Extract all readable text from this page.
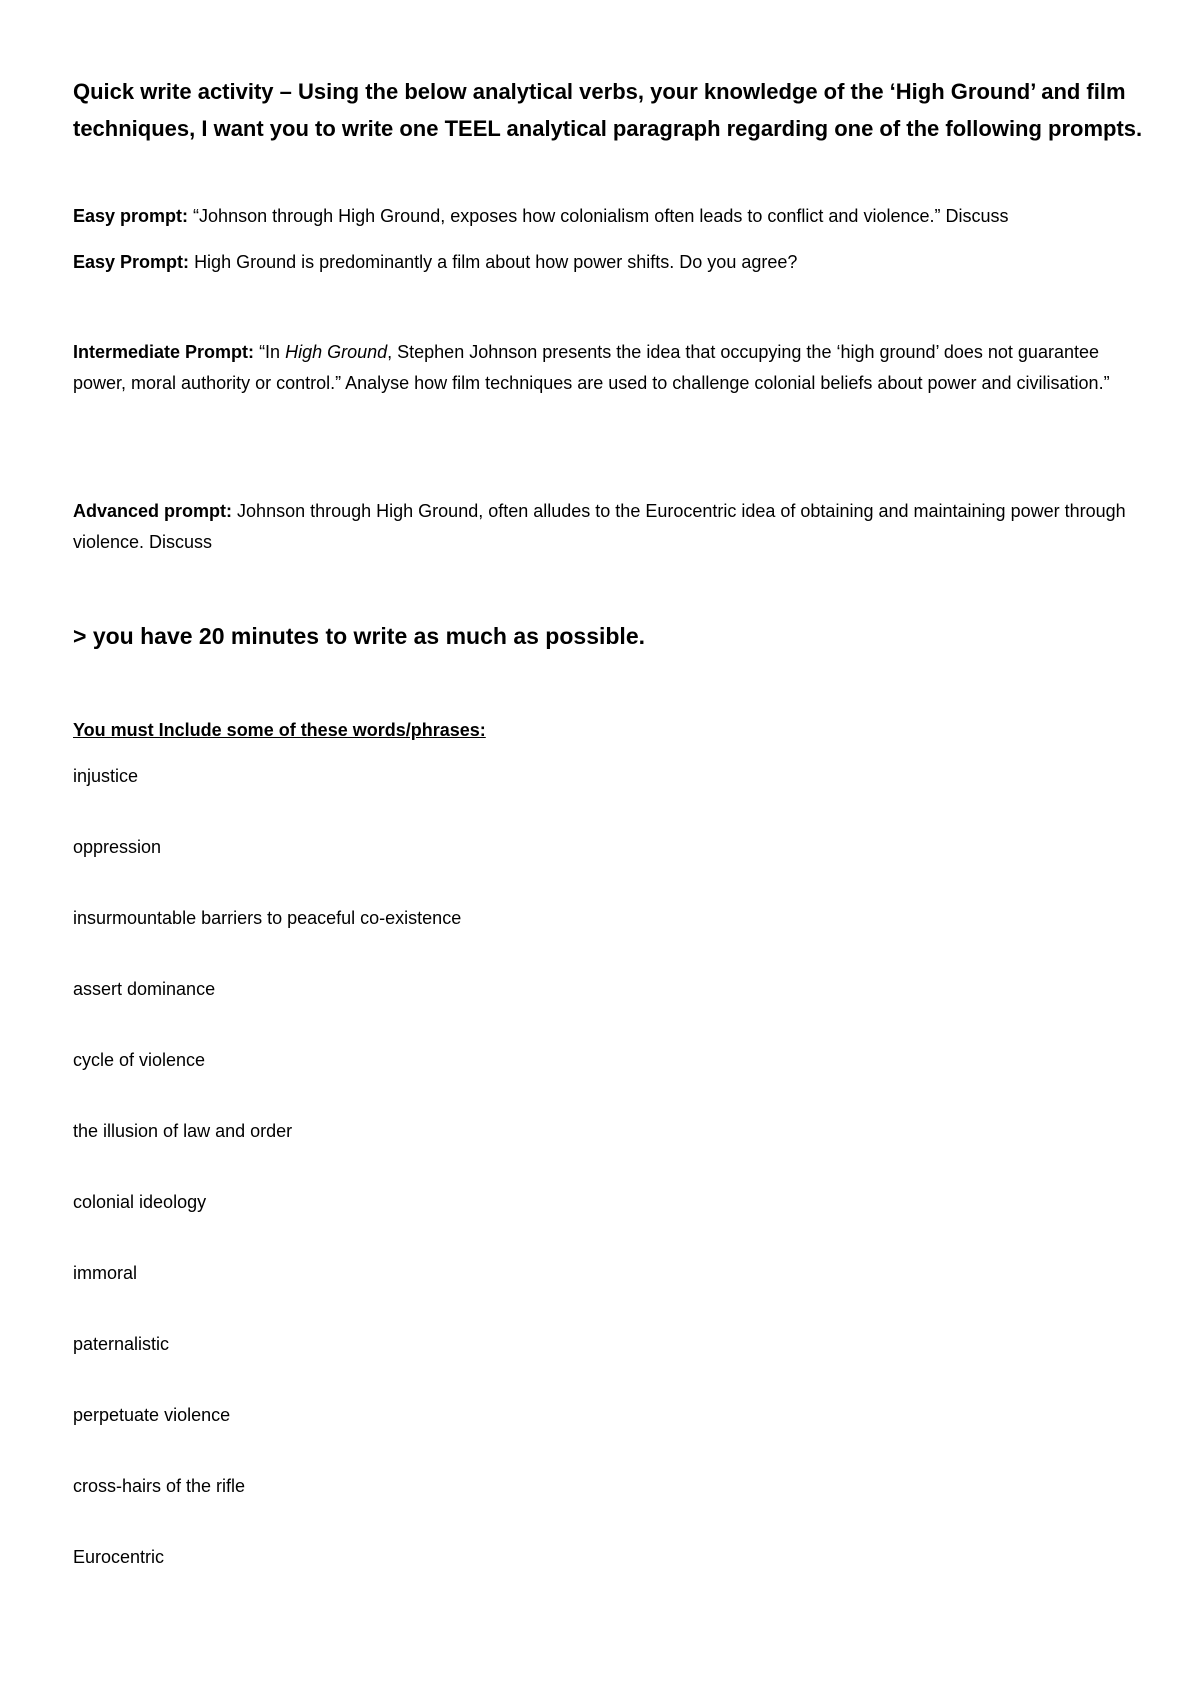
Quick write activity – Using the below analytical verbs, your knowledge of the ‘High Ground’ and film techniques, I want you to write one TEEL analytical paragraph regarding one of the following prompts.

Easy prompt: “Johnson through High Ground, exposes how colonialism often leads to conflict and violence.” Discuss

Easy Prompt: High Ground is predominantly a film about how power shifts. Do you agree?

Intermediate Prompt: “In High Ground, Stephen Johnson presents the idea that occupying the ‘high ground’ does not guarantee power, moral authority or control.” Analyse how film techniques are used to challenge colonial beliefs about power and civilisation.”

Advanced prompt: Johnson through High Ground, often alludes to the Eurocentric idea of obtaining and maintaining power through violence. Discuss

> you have 20 minutes to write as much as possible.

You must Include some of these words/phrases:

injustice
oppression
insurmountable barriers to peaceful co-existence
assert dominance
cycle of violence
the illusion of law and order
colonial ideology
immoral
paternalistic
perpetuate violence
cross-hairs of the rifle
Eurocentric
